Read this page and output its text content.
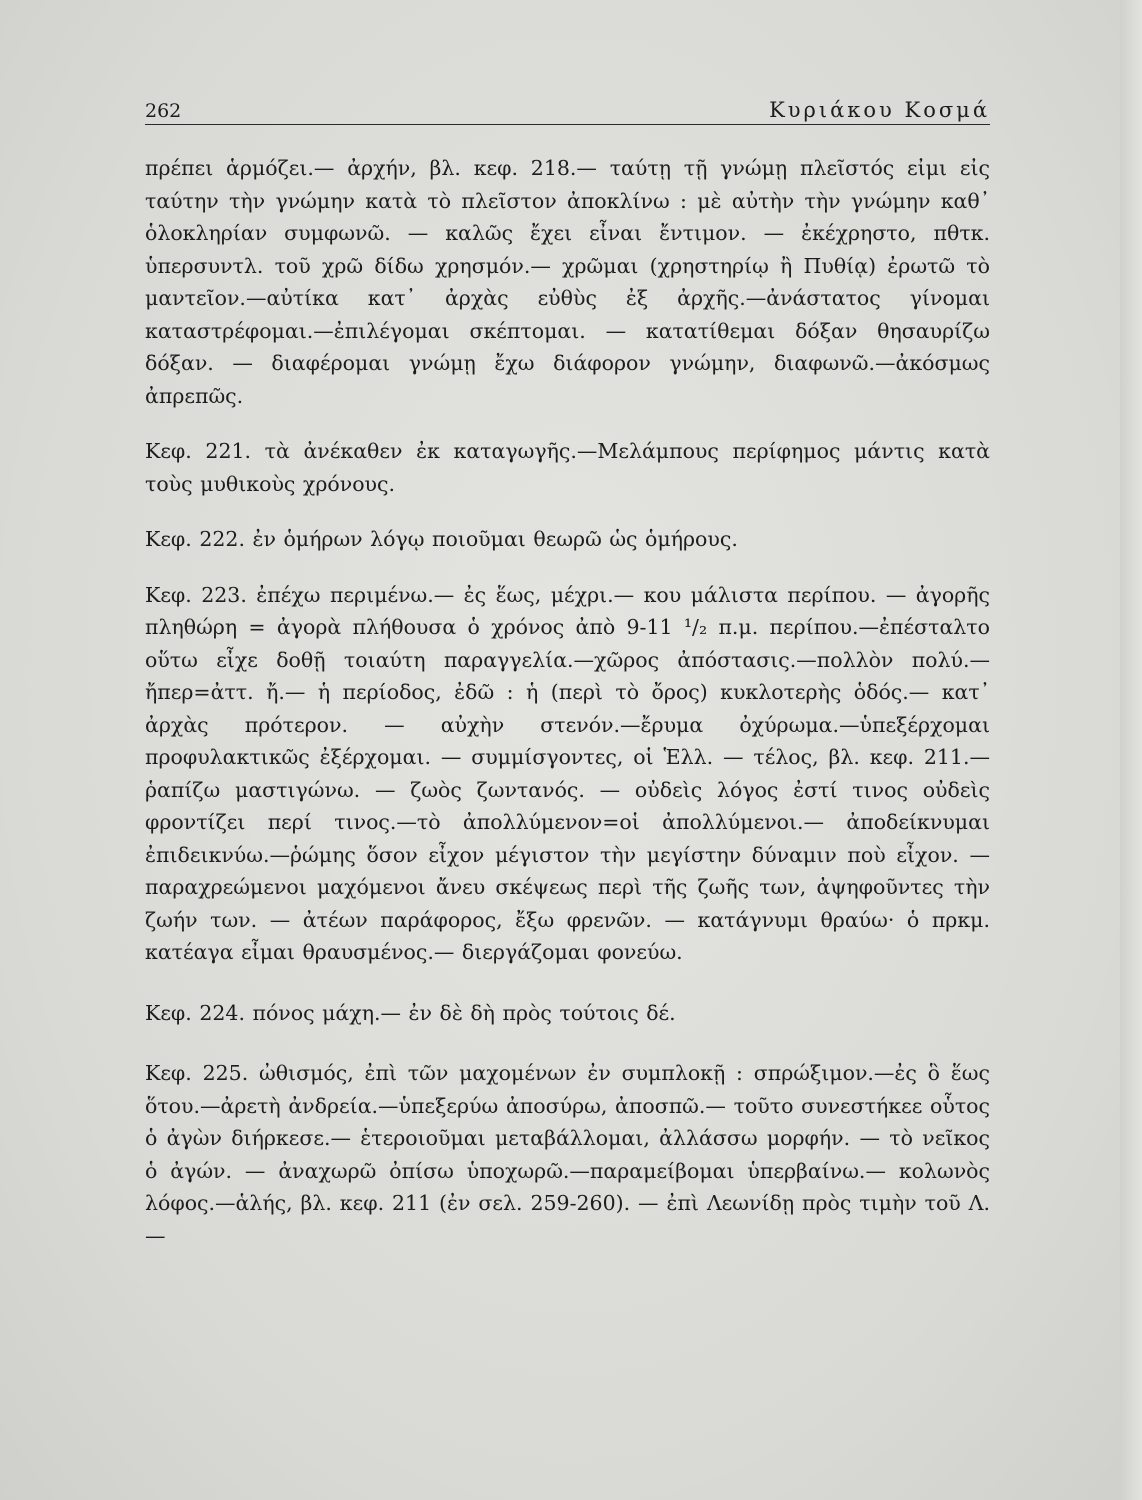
262	Κυριάκου Κοσμά

πρέπει ἁρμόζει.— ἀρχήν, βλ. κεφ. 218.— ταύτῃ τῇ γνώμῃ πλεῖστός εἰμι εἰς ταύτην τὴν γνώμην κατὰ τὸ πλεῖστον ἀποκλίνω : μὲ αὐτὴν τὴν γνώμην καθ᾽ ὁλοκληρίαν συμφωνῶ. — καλῶς ἔχει εἶναι ἔντιμον. — ἐκέχρηστο, πθτκ. ὑπερσυντλ. τοῦ χρῶ δίδω χρησμόν.— χρῶμαι (χρηστηρίῳ ἢ Πυθίᾳ) ἐρωτῶ τὸ μαντεῖον.—αὐτίκα κατ᾽ ἀρχὰς εὐθὺς ἐξ ἀρχῆς.—ἀνάστατος γίνομαι καταστρέφομαι.—ἐπιλέγομαι σκέπτομαι. — κατατίθεμαι δόξαν θησαυρίζω δόξαν. — διαφέρομαι γνώμῃ ἔχω διάφορον γνώμην, διαφωνῶ.—ἀκόσμως ἀπρεπῶς.

Κεφ. 221. τὰ ἀνέκαθεν ἐκ καταγωγῆς.—Μελάμπους περίφημος μάντις κατὰ τοὺς μυθικοὺς χρόνους.

Κεφ. 222. ἐν ὁμήρων λόγῳ ποιοῦμαι θεωρῶ ὡς ὁμήρους.

Κεφ. 223. ἐπέχω περιμένω.— ἐς ἕως, μέχρι.— κου μάλιστα περίπου. — ἀγορῆς πληθώρη = ἀγορὰ πλήθουσα ὁ χρόνος ἀπὸ 9-11 ¹/₂ π.μ. περίπου.—ἐπέσταλτο οὕτω εἶχε δοθῇ τοιαύτη παραγγελία.—χῶρος ἀπόστασις.—πολλὸν πολύ.— ἤπερ=ἀττ. ἤ.— ἡ περίοδος, ἐδῶ : ἡ (περὶ τὸ ὄρος) κυκλοτερὴς ὁδός.— κατ᾽ ἀρχὰς πρότερον. — αὐχὴν στενόν.—ἔρυμα ὀχύρωμα.—ὑπεξέρχομαι προφυλακτικῶς ἐξέρχομαι. — συμμίσγοντες, οἱ Ἑλλ. — τέλος, βλ. κεφ. 211.— ῥαπίζω μαστιγώνω. — ζωὸς ζωντανός. — οὐδεὶς λόγος ἐστί τινος οὐδεὶς φροντίζει περί τινος.—τὸ ἀπολλύμενον=οἱ ἀπολλύμενοι.— ἀποδείκνυμαι ἐπιδεικνύω.—ῥώμης ὅσον εἶχον μέγιστον τὴν μεγίστην δύναμιν ποὺ εἶχον. — παραχρεώμενοι μαχόμενοι ἄνευ σκέψεως περὶ τῆς ζωῆς των, ἀψηφοῦντες τὴν ζωήν των. — ἀτέων παράφορος, ἔξω φρενῶν. — κατάγνυμι θραύω· ὁ πρκμ. κατέαγα εἶμαι θραυσμένος.— διεργάζομαι φονεύω.

Κεφ. 224. πόνος μάχη.— ἐν δὲ δὴ πρὸς τούτοις δέ.

Κεφ. 225. ὠθισμός, ἐπὶ τῶν μαχομένων ἐν συμπλοκῇ : σπρώξιμον.—ἐς ὃ ἕως ὅτου.—ἀρετὴ ἀνδρεία.—ὑπεξερύω ἀποσύρω, ἀποσπῶ.— τοῦτο συνεστήκεε οὗτος ὁ ἀγὼν διήρκεσε.— ἑτεροιοῦμαι μεταβάλλομαι, ἀλλάσσω μορφήν. — τὸ νεῖκος ὁ ἀγών. — ἀναχωρῶ ὀπίσω ὑποχωρῶ.—παραμείβομαι ὑπερβαίνω.— κολωνὸς λόφος.—ἁλής, βλ. κεφ. 211 (ἐν σελ. 259-260). — ἐπὶ Λεωνίδῃ πρὸς τιμὴν τοῦ Λ. —
